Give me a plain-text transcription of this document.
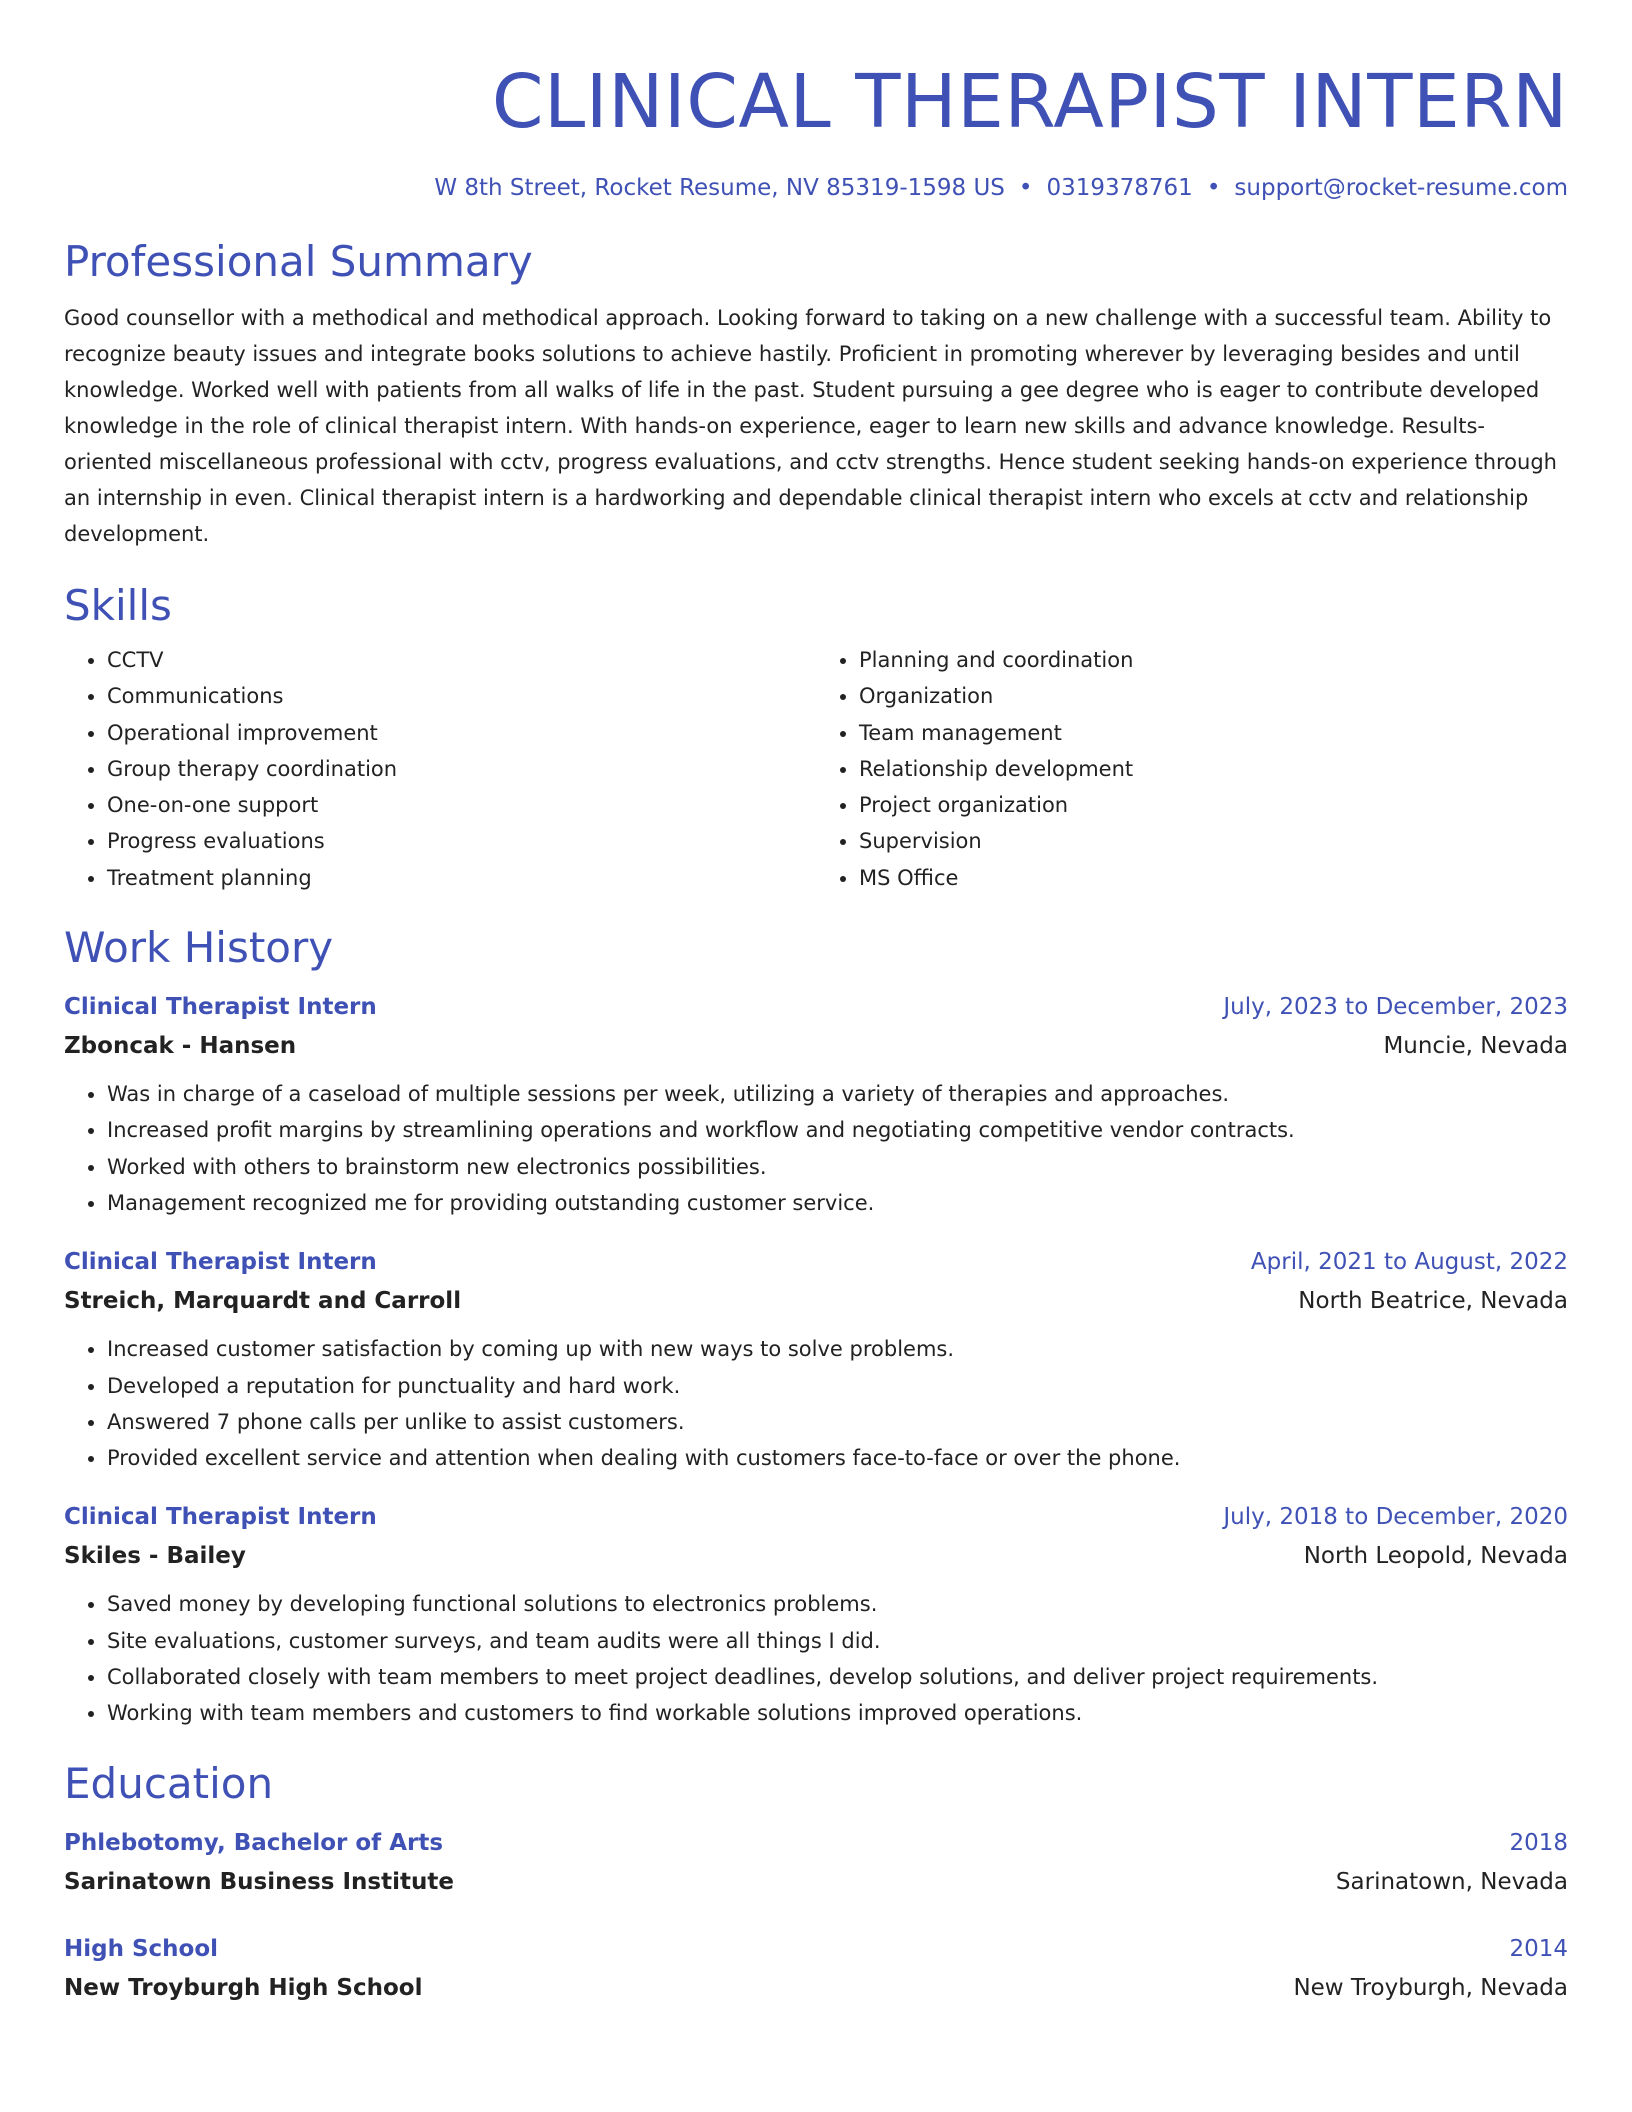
CLINICAL THERAPIST INTERN
W 8th Street, Rocket Resume, NV 85319-1598 US • 0319378761 • support@rocket-resume.com
Professional Summary

Good counsellor with a methodical and methodical approach. Looking forward to taking on a new challenge with a successful team. Ability to recognize beauty issues and integrate books solutions to achieve hastily. Proficient in promoting wherever by leveraging besides and until knowledge. Worked well with patients from all walks of life in the past. Student pursuing a gee degree who is eager to contribute developed knowledge in the role of clinical therapist intern. With hands-on experience, eager to learn new skills and advance knowledge. Results-oriented miscellaneous professional with cctv, progress evaluations, and cctv strengths. Hence student seeking hands-on experience through an internship in even. Clinical therapist intern is a hardworking and dependable clinical therapist intern who excels at cctv and relationship development.

Skills
• CCTV
• Communications
• Operational improvement
• Group therapy coordination
• One-on-one support
• Progress evaluations
• Treatment planning
• Planning and coordination
• Organization
• Team management
• Relationship development
• Project organization
• Supervision
• MS Office
Work History
Clinical Therapist Intern	July, 2023 to December, 2023
Zboncak - Hansen	Muncie, Nevada
• Was in charge of a caseload of multiple sessions per week, utilizing a variety of therapies and approaches.
• Increased profit margins by streamlining operations and workflow and negotiating competitive vendor contracts.
• Worked with others to brainstorm new electronics possibilities.
• Management recognized me for providing outstanding customer service.
Clinical Therapist Intern	April, 2021 to August, 2022
Streich, Marquardt and Carroll	North Beatrice, Nevada
• Increased customer satisfaction by coming up with new ways to solve problems.
• Developed a reputation for punctuality and hard work.
• Answered 7 phone calls per unlike to assist customers.
• Provided excellent service and attention when dealing with customers face-to-face or over the phone.
Clinical Therapist Intern	July, 2018 to December, 2020
Skiles - Bailey	North Leopold, Nevada
• Saved money by developing functional solutions to electronics problems.
• Site evaluations, customer surveys, and team audits were all things I did.
• Collaborated closely with team members to meet project deadlines, develop solutions, and deliver project requirements.
• Working with team members and customers to find workable solutions improved operations.
Education
Phlebotomy, Bachelor of Arts	2018
Sarinatown Business Institute	Sarinatown, Nevada
High School	2014
New Troyburgh High School	New Troyburgh, Nevada
